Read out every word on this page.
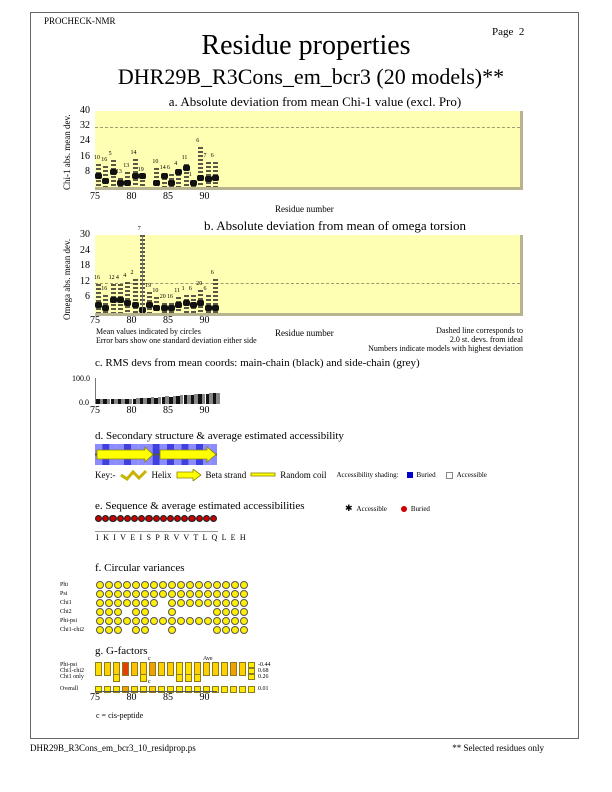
PROCHECK-NMR
Page 2
Residue properties
DHR29B_R3Cons_em_bcr3 (20 models)**
a. Absolute deviation from mean Chi-1 value (excl. Pro)
Chi-1 abs. mean dev.	8
16
24
32
40
10 16
5
13
13
14
19
10
14 6
4
11
1
6
7 6
75	80	85	90
Residue number
b. Absolute deviation from mean of omega torsion
Omega abs. mean dev.	6
12
18
24
30
16
16
12 4 4 2
7
19
10
20 16
11 1 6
20
6
6
75	80	85	90
Mean values indicated by circles
Error bars show one standard deviation either side
Residue number	Dashed line corresponds to
2.0 st. devs. from ideal
Numbers indicate models with highest deviation
c. RMS devs from mean coords: main-chain (black) and side-chain (grey)
100.0
0.0
75	80	85	90
d. Secondary structure & average estimated accessibility
Key:-	Helix	Beta strand	Random coil Accessibility shading:	Buried	Accessible
e. Sequence & average estimated accessibilities	✱ Accessible	Buried
I K I V E I S P R V V T L Q L E H
f. Circular variances
Phi
Psi
Chi1
Chi2
Phi-psi
Chi1-chi2
g. G-factors
Ave
c
Phi-psi	$^{-0.44}$
Chi1-chi2	$^{0.68}$
Chi1 only	$^{0.26}$
Overall	$^{0.01}$
c
75	80	85	90
c = cis-peptide
DHR29B_R3Cons_em_bcr3_10_residprop.ps	** Selected residues only
